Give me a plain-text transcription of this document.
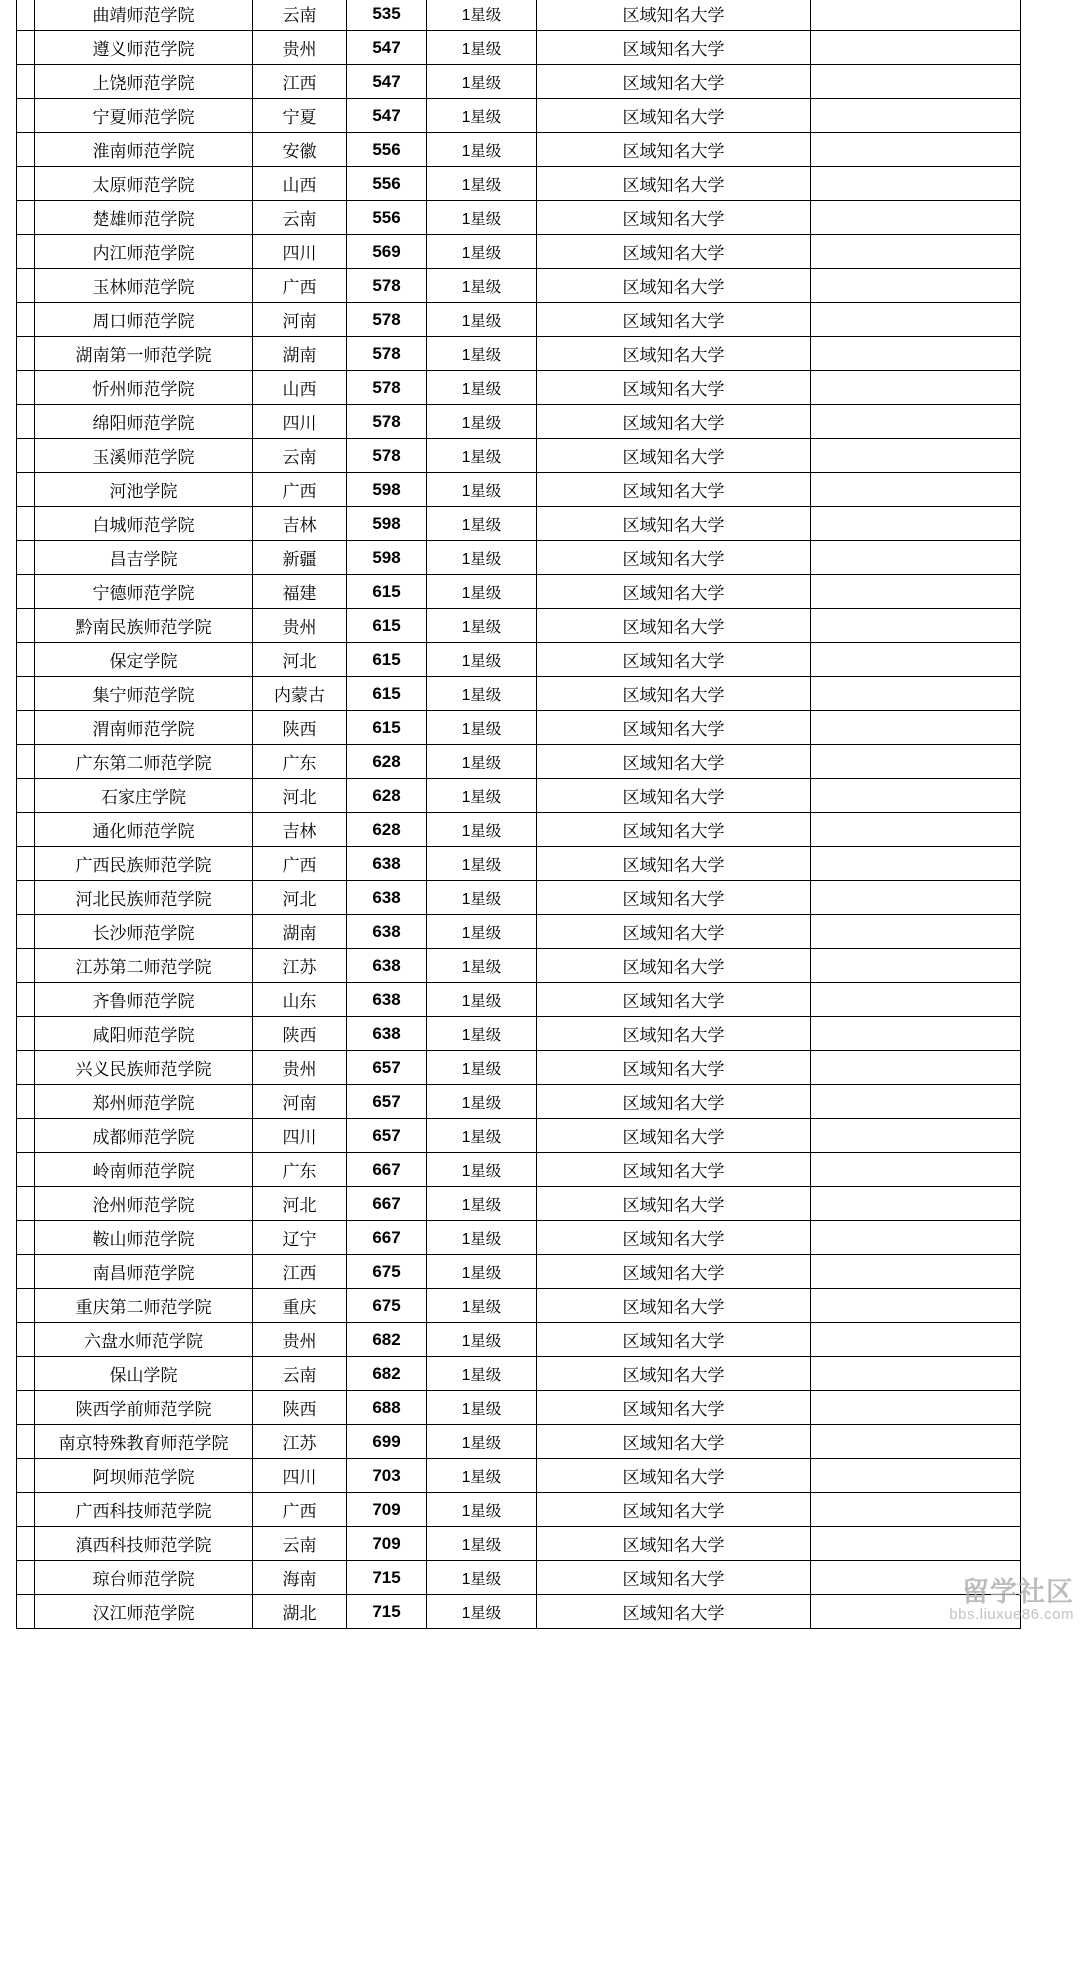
	曲靖师范学院	云南	535	1星级	区域知名大学	
	遵义师范学院	贵州	547	1星级	区域知名大学	
	上饶师范学院	江西	547	1星级	区域知名大学	
	宁夏师范学院	宁夏	547	1星级	区域知名大学	
	淮南师范学院	安徽	556	1星级	区域知名大学	
	太原师范学院	山西	556	1星级	区域知名大学	
	楚雄师范学院	云南	556	1星级	区域知名大学	
	内江师范学院	四川	569	1星级	区域知名大学	
	玉林师范学院	广西	578	1星级	区域知名大学	
	周口师范学院	河南	578	1星级	区域知名大学	
	湖南第一师范学院	湖南	578	1星级	区域知名大学	
	忻州师范学院	山西	578	1星级	区域知名大学	
	绵阳师范学院	四川	578	1星级	区域知名大学	
	玉溪师范学院	云南	578	1星级	区域知名大学	
	河池学院	广西	598	1星级	区域知名大学	
	白城师范学院	吉林	598	1星级	区域知名大学	
	昌吉学院	新疆	598	1星级	区域知名大学	
	宁德师范学院	福建	615	1星级	区域知名大学	
	黔南民族师范学院	贵州	615	1星级	区域知名大学	
	保定学院	河北	615	1星级	区域知名大学	
	集宁师范学院	内蒙古	615	1星级	区域知名大学	
	渭南师范学院	陕西	615	1星级	区域知名大学	
	广东第二师范学院	广东	628	1星级	区域知名大学	
	石家庄学院	河北	628	1星级	区域知名大学	
	通化师范学院	吉林	628	1星级	区域知名大学	
	广西民族师范学院	广西	638	1星级	区域知名大学	
	河北民族师范学院	河北	638	1星级	区域知名大学	
	长沙师范学院	湖南	638	1星级	区域知名大学	
	江苏第二师范学院	江苏	638	1星级	区域知名大学	
	齐鲁师范学院	山东	638	1星级	区域知名大学	
	咸阳师范学院	陕西	638	1星级	区域知名大学	
	兴义民族师范学院	贵州	657	1星级	区域知名大学	
	郑州师范学院	河南	657	1星级	区域知名大学	
	成都师范学院	四川	657	1星级	区域知名大学	
	岭南师范学院	广东	667	1星级	区域知名大学	
	沧州师范学院	河北	667	1星级	区域知名大学	
	鞍山师范学院	辽宁	667	1星级	区域知名大学	
	南昌师范学院	江西	675	1星级	区域知名大学	
	重庆第二师范学院	重庆	675	1星级	区域知名大学	
	六盘水师范学院	贵州	682	1星级	区域知名大学	
	保山学院	云南	682	1星级	区域知名大学	
	陕西学前师范学院	陕西	688	1星级	区域知名大学	
	南京特殊教育师范学院	江苏	699	1星级	区域知名大学	
	阿坝师范学院	四川	703	1星级	区域知名大学	
	广西科技师范学院	广西	709	1星级	区域知名大学	
	滇西科技师范学院	云南	709	1星级	区域知名大学	
	琼台师范学院	海南	715	1星级	区域知名大学	
	汉江师范学院	湖北	715	1星级	区域知名大学	
留学社区
bbs.liuxue86.com
